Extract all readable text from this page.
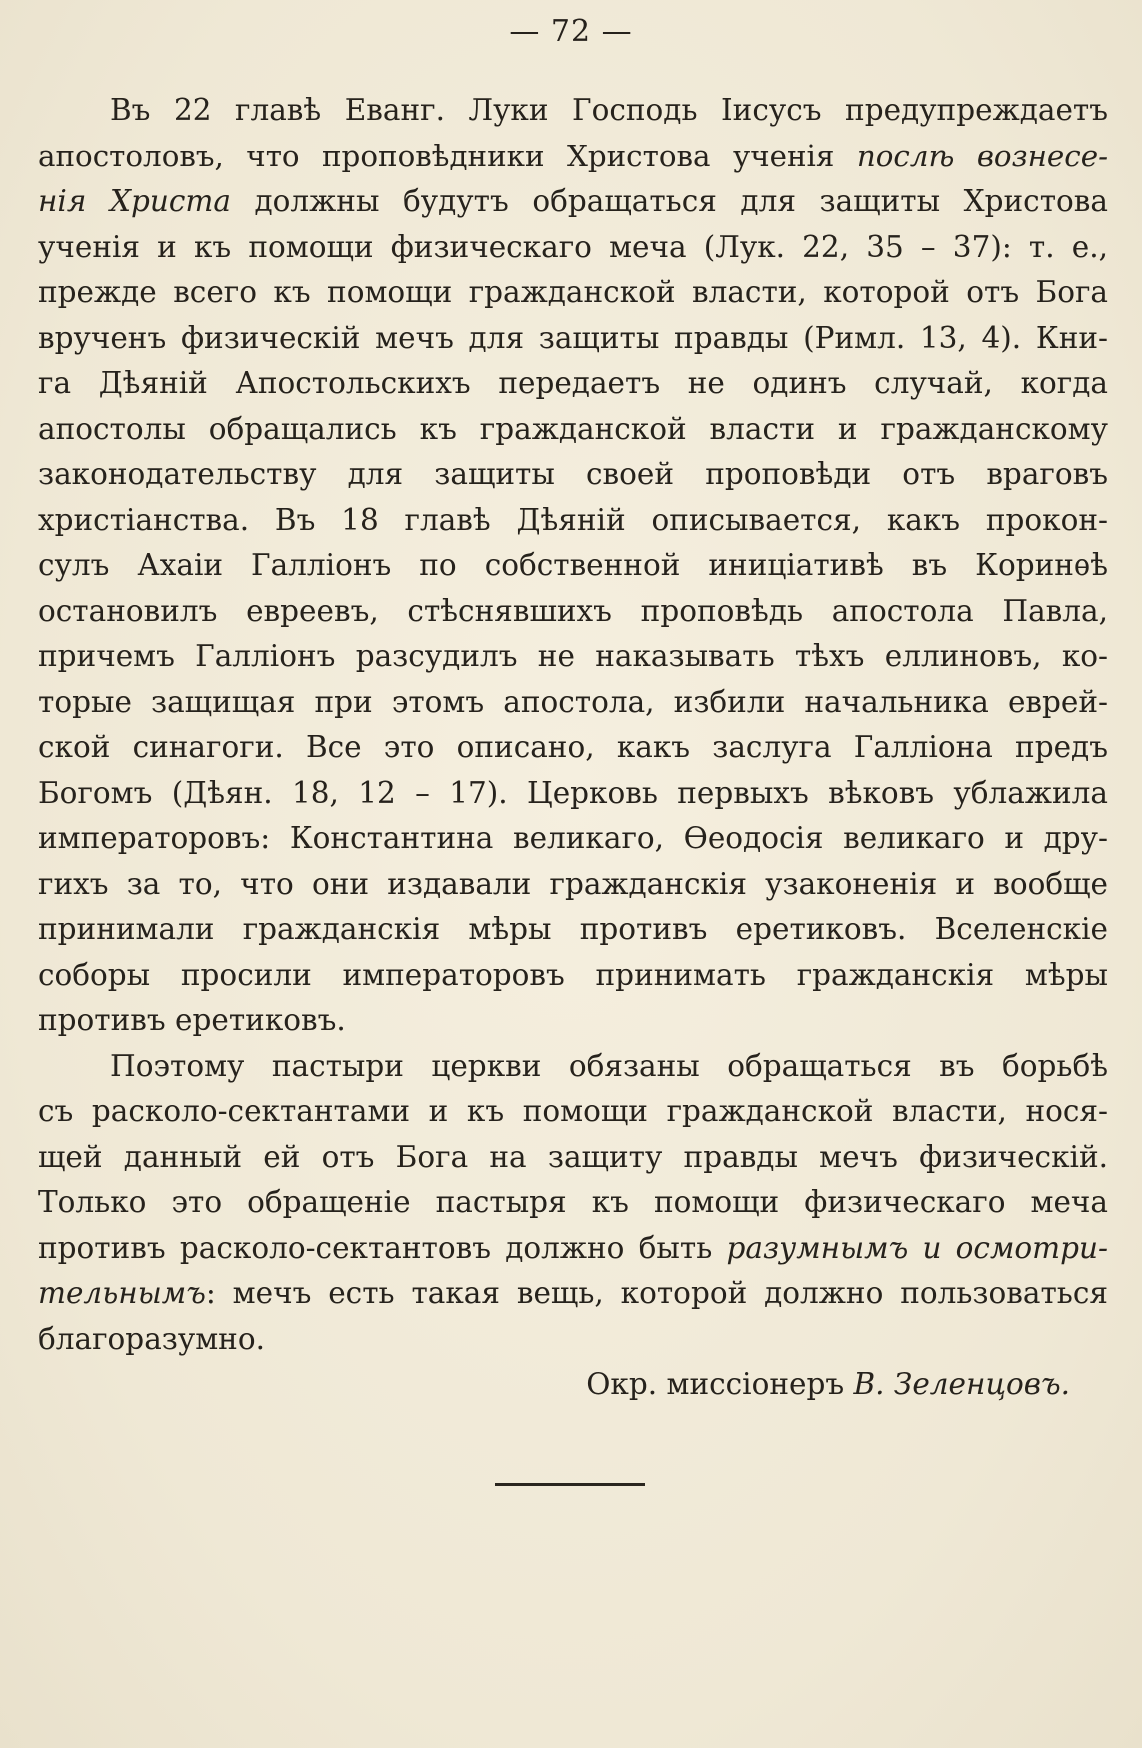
— 72 —
Въ 22 главѣ Еванг. Луки Господь Іисусъ предупреждаетъ
апостоловъ, что проповѣдники Христова ученія послѣ вознесе-
нія Христа должны будутъ обращаться для защиты Христова
ученія и къ помощи физическаго меча (Лук. 22, 35 – 37): т. е.,
прежде всего къ помощи гражданской власти, которой отъ Бога
врученъ физическій мечъ для защиты правды (Римл. 13, 4). Кни-
га Дѣяній Апостольскихъ передаетъ не одинъ случай, когда
апостолы обращались къ гражданской власти и гражданскому
законодательству для защиты своей проповѣди отъ враговъ
христіанства. Въ 18 главѣ Дѣяній описывается, какъ прокон-
сулъ Ахаіи Галліонъ по собственной иниціативѣ въ Коринѳѣ
остановилъ евреевъ, стѣснявшихъ проповѣдь апостола Павла,
причемъ Галліонъ разсудилъ не наказывать тѣхъ еллиновъ, ко-
торые защищая при этомъ апостола, избили начальника еврей-
ской синагоги. Все это описано, какъ заслуга Галліона предъ
Богомъ (Дѣян. 18, 12 – 17). Церковь первыхъ вѣковъ ублажила
императоровъ: Константина великаго, Ѳеодосія великаго и дру-
гихъ за то, что они издавали гражданскія узаконенія и вообще
принимали гражданскія мѣры противъ еретиковъ. Вселенскіе
соборы просили императоровъ принимать гражданскія мѣры
противъ еретиковъ.
Поэтому пастыри церкви обязаны обращаться въ борьбѣ
съ расколо-сектантами и къ помощи гражданской власти, нося-
щей данный ей отъ Бога на защиту правды мечъ физическій.
Только это обращеніе пастыря къ помощи физическаго меча
противъ расколо-сектантовъ должно быть разумнымъ и осмотри-
тельнымъ: мечъ есть такая вещь, которой должно пользоваться
благоразумно.
Окр. миссіонеръ В. Зеленцовъ.
